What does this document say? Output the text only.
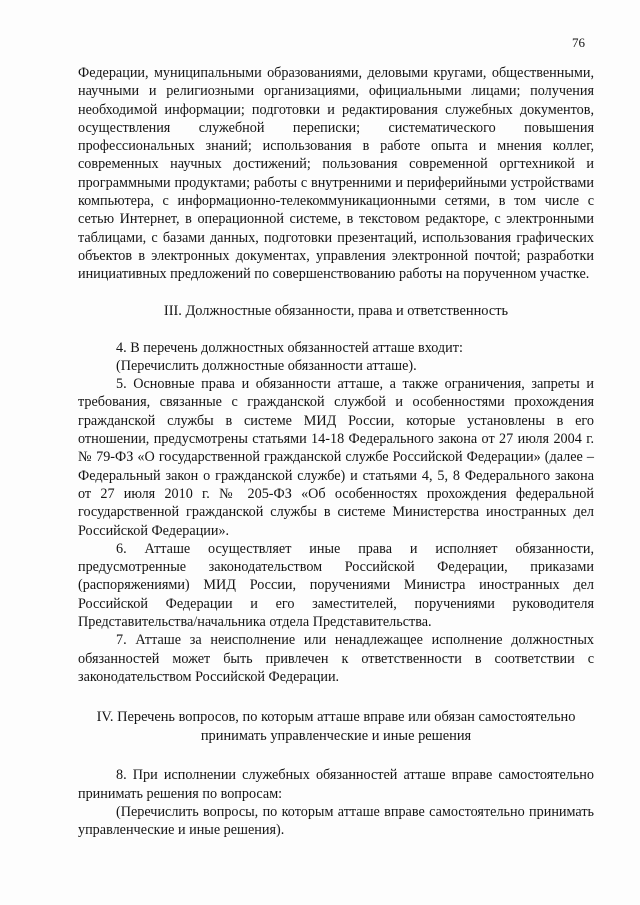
76

Федерации, муниципальными образованиями, деловыми кругами, общественными, научными и религиозными организациями, официальными лицами; получения необходимой информации; подготовки и редактирования служебных документов, осуществления служебной переписки; систематического повышения профессиональных знаний; использования в работе опыта и мнения коллег, современных научных достижений; пользования современной оргтехникой и программными продуктами; работы с внутренними и периферийными устройствами компьютера, с информационно-телекоммуникационными сетями, в том числе с сетью Интернет, в операционной системе, в текстовом редакторе, с электронными таблицами, с базами данных, подготовки презентаций, использования графических объектов в электронных документах, управления электронной почтой; разработки инициативных предложений по совершенствованию работы на порученном участке.

III. Должностные обязанности, права и ответственность

4. В перечень должностных обязанностей атташе входит:

(Перечислить должностные обязанности атташе).

5. Основные права и обязанности атташе, а также ограничения, запреты и требования, связанные с гражданской службой и особенностями прохождения гражданской службы в системе МИД России, которые установлены в его отношении, предусмотрены статьями 14-18 Федерального закона от 27 июля 2004 г. № 79-ФЗ «О государственной гражданской службе Российской Федерации» (далее – Федеральный закон о гражданской службе) и статьями 4, 5, 8 Федерального закона от 27 июля 2010 г. № 205-ФЗ «Об особенностях прохождения федеральной государственной гражданской службы в системе Министерства иностранных дел Российской Федерации».

6. Атташе осуществляет иные права и исполняет обязанности, предусмотренные законодательством Российской Федерации, приказами (распоряжениями) МИД России, поручениями Министра иностранных дел Российской Федерации и его заместителей, поручениями руководителя Представительства/начальника отдела Представительства.

7. Атташе за неисполнение или ненадлежащее исполнение должностных обязанностей может быть привлечен к ответственности в соответствии с законодательством Российской Федерации.

IV. Перечень вопросов, по которым атташе вправе или обязан самостоятельно
принимать управленческие и иные решения

8. При исполнении служебных обязанностей атташе вправе самостоятельно принимать решения по вопросам:

(Перечислить вопросы, по которым атташе вправе самостоятельно принимать управленческие и иные решения).
